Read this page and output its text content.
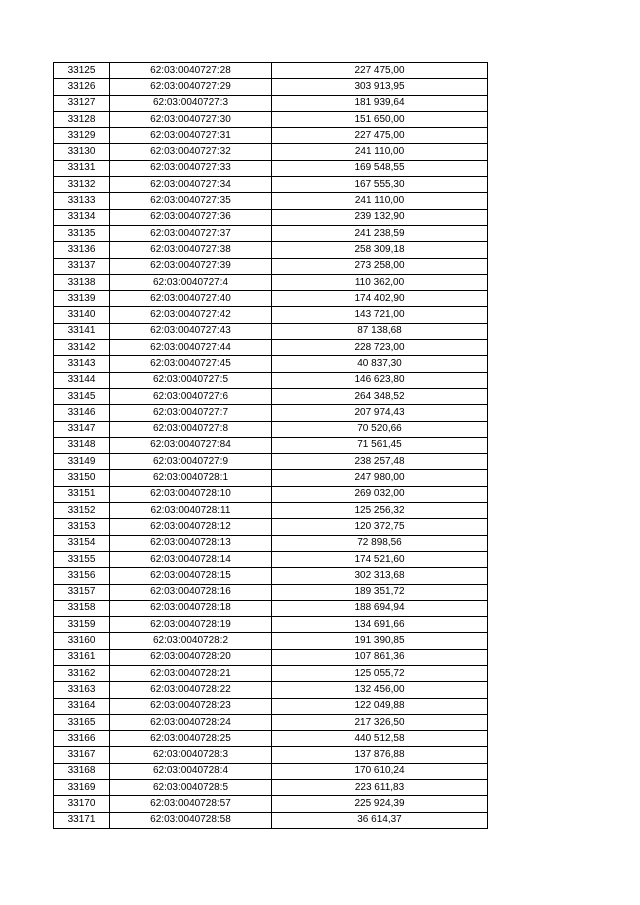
33125	62:03:0040727:28	227 475,00
33126	62:03:0040727:29	303 913,95
33127	62:03:0040727:3	181 939,64
33128	62:03:0040727:30	151 650,00
33129	62:03:0040727:31	227 475,00
33130	62:03:0040727:32	241 110,00
33131	62:03:0040727:33	169 548,55
33132	62:03:0040727:34	167 555,30
33133	62:03:0040727:35	241 110,00
33134	62:03:0040727:36	239 132,90
33135	62:03:0040727:37	241 238,59
33136	62:03:0040727:38	258 309,18
33137	62:03:0040727:39	273 258,00
33138	62:03:0040727:4	110 362,00
33139	62:03:0040727:40	174 402,90
33140	62:03:0040727:42	143 721,00
33141	62:03:0040727:43	87 138,68
33142	62:03:0040727:44	228 723,00
33143	62:03:0040727:45	40 837,30
33144	62:03:0040727:5	146 623,80
33145	62:03:0040727:6	264 348,52
33146	62:03:0040727:7	207 974,43
33147	62:03:0040727:8	70 520,66
33148	62:03:0040727:84	71 561,45
33149	62:03:0040727:9	238 257,48
33150	62:03:0040728:1	247 980,00
33151	62:03:0040728:10	269 032,00
33152	62:03:0040728:11	125 256,32
33153	62:03:0040728:12	120 372,75
33154	62:03:0040728:13	72 898,56
33155	62:03:0040728:14	174 521,60
33156	62:03:0040728:15	302 313,68
33157	62:03:0040728:16	189 351,72
33158	62:03:0040728:18	188 694,94
33159	62:03:0040728:19	134 691,66
33160	62:03:0040728:2	191 390,85
33161	62:03:0040728:20	107 861,36
33162	62:03:0040728:21	125 055,72
33163	62:03:0040728:22	132 456,00
33164	62:03:0040728:23	122 049,88
33165	62:03:0040728:24	217 326,50
33166	62:03:0040728:25	440 512,58
33167	62:03:0040728:3	137 876,88
33168	62:03:0040728:4	170 610,24
33169	62:03:0040728:5	223 611,83
33170	62:03:0040728:57	225 924,39
33171	62:03:0040728:58	36 614,37
